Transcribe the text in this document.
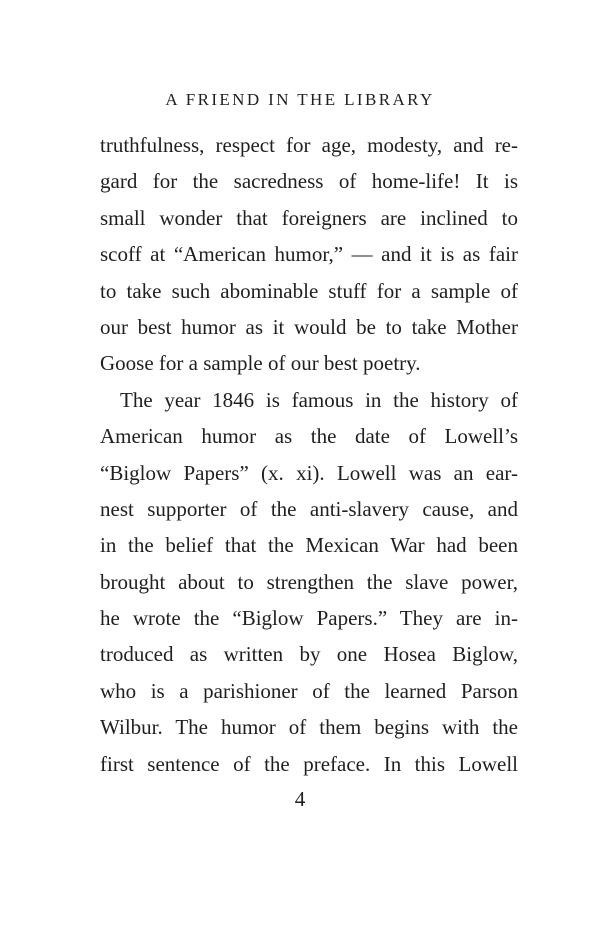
A FRIEND IN THE LIBRARY
truthfulness, respect for age, modesty, and re-
gard for the sacredness of home-life! It is
small wonder that foreigners are inclined to
scoff at “American humor,” — and it is as fair
to take such abominable stuff for a sample of
our best humor as it would be to take Mother
Goose for a sample of our best poetry.
The year 1846 is famous in the history of
American humor as the date of Lowell’s
“Biglow Papers” (x. xi). Lowell was an ear-
nest supporter of the anti-slavery cause, and
in the belief that the Mexican War had been
brought about to strengthen the slave power,
he wrote the “Biglow Papers.” They are in-
troduced as written by one Hosea Biglow,
who is a parishioner of the learned Parson
Wilbur. The humor of them begins with the
first sentence of the preface. In this Lowell
4
